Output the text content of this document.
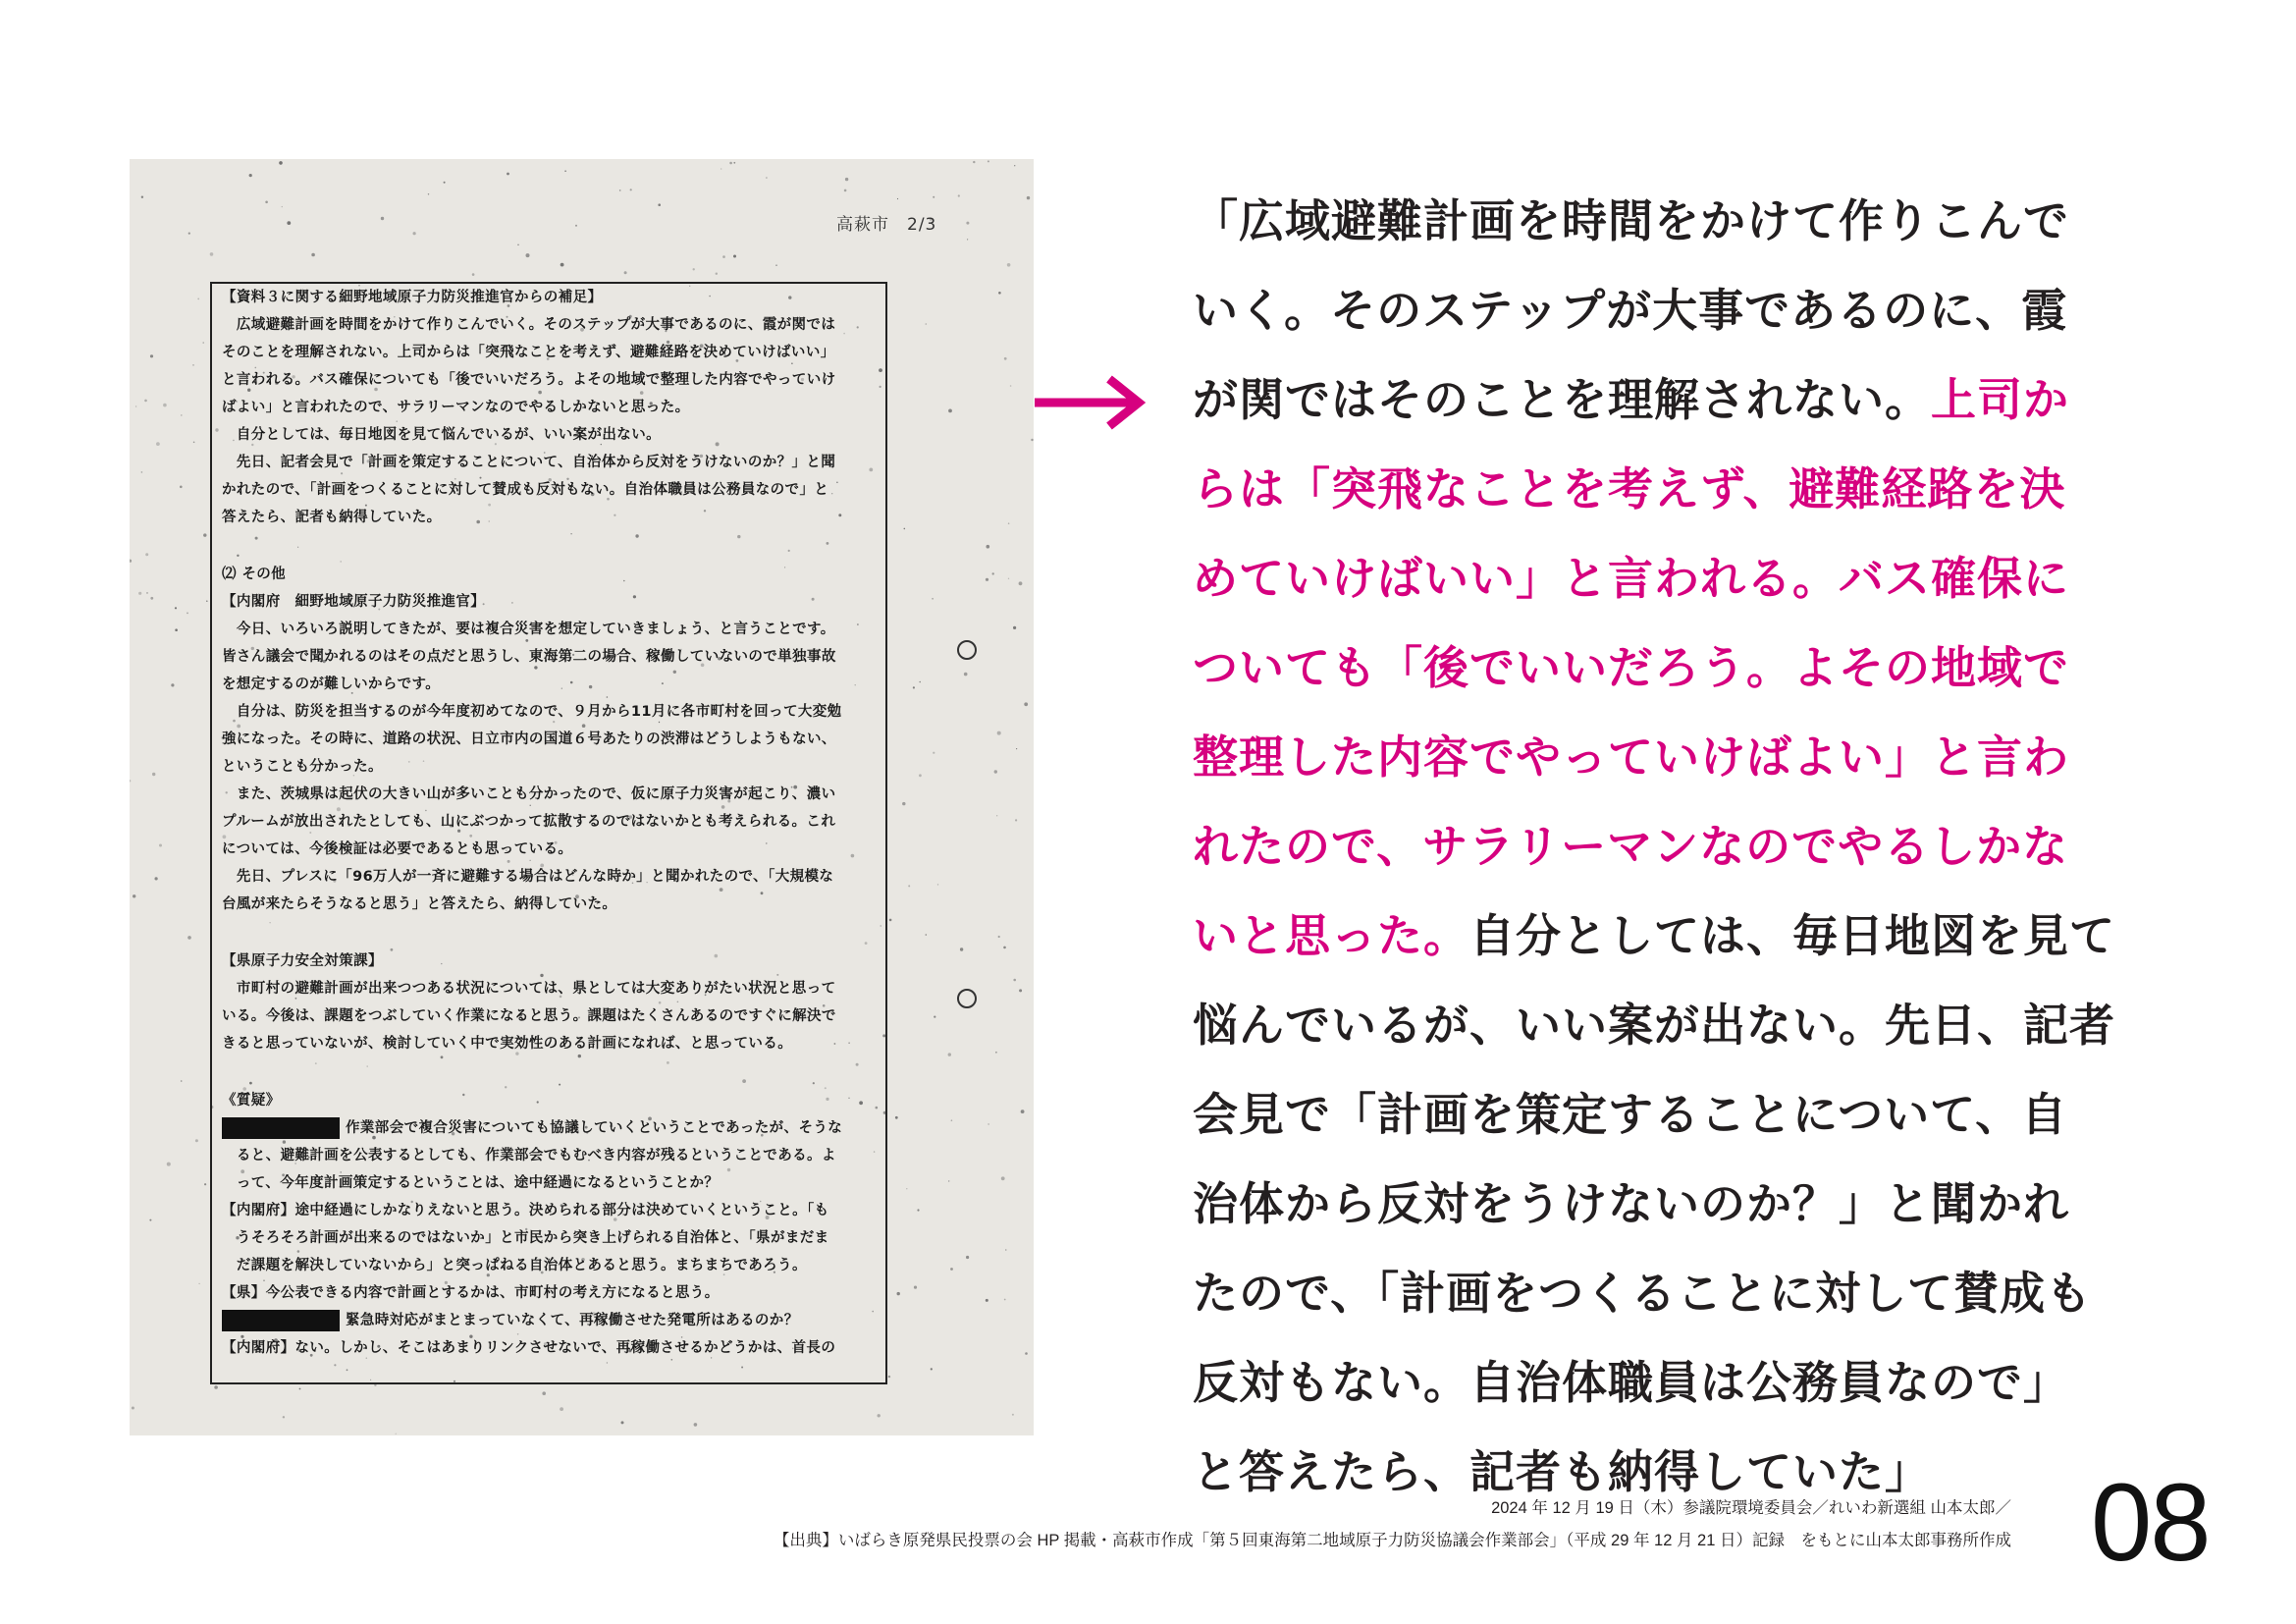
高萩市　2/3

【資料３に関する細野地域原子力防災推進官からの補足】

　広域避難計画を時間をかけて作りこんでいく。そのステップが大事であるのに、霞が関では

そのことを理解されない。上司からは「突飛なことを考えず、避難経路を決めていけばいい」

と言われる。バス確保についても「後でいいだろう。よその地域で整理した内容でやっていけ

ばよい」と言われたので、サラリーマンなのでやるしかないと思った。

　自分としては、毎日地図を見て悩んでいるが、いい案が出ない。

　先日、記者会見で「計画を策定することについて、自治体から反対をうけないのか？」と聞

かれたので、「計画をつくることに対して賛成も反対もない。自治体職員は公務員なので」と

答えたら、記者も納得していた。

⑵ その他

【内閣府　細野地域原子力防災推進官】

　今日、いろいろ説明してきたが、要は複合災害を想定していきましょう、と言うことです。

皆さん議会で聞かれるのはその点だと思うし、東海第二の場合、稼働していないので単独事故

を想定するのが難しいからです。

　自分は、防災を担当するのが今年度初めてなので、９月から11月に各市町村を回って大変勉

強になった。その時に、道路の状況、日立市内の国道６号あたりの渋滞はどうしようもない、

ということも分かった。

　また、茨城県は起伏の大きい山が多いことも分かったので、仮に原子力災害が起こり、濃い

プルームが放出されたとしても、山にぶつかって拡散するのではないかとも考えられる。これ

については、今後検証は必要であるとも思っている。

　先日、プレスに「96万人が一斉に避難する場合はどんな時か」と聞かれたので、「大規模な

台風が来たらそうなると思う」と答えたら、納得していた。

【県原子力安全対策課】

　市町村の避難計画が出来つつある状況については、県としては大変ありがたい状況と思って

いる。今後は、課題をつぶしていく作業になると思う。課題はたくさんあるのですぐに解決で

きると思っていないが、検討していく中で実効性のある計画になれば、と思っている。

《質疑》

作業部会で複合災害についても協議していくということであったが、そうな

　ると、避難計画を公表するとしても、作業部会でもむべき内容が残るということである。よ

　って、今年度計画策定するということは、途中経過になるということか？

【内閣府】途中経過にしかなりえないと思う。決められる部分は決めていくということ。「も

　うそろそろ計画が出来るのではないか」と市民から突き上げられる自治体と、「県がまだま

　だ課題を解決していないから」と突っぱねる自治体とあると思う。まちまちであろう。

【県】今公表できる内容で計画とするかは、市町村の考え方になると思う。

緊急時対応がまとまっていなくて、再稼働させた発電所はあるのか？

【内閣府】ない。しかし、そこはあまりリンクさせないで、再稼働させるかどうかは、首長の

「広域避難計画を時間をかけて作りこんで
いく。そのステップが大事であるのに、霞
が関ではそのことを理解されない。上司か
らは「突飛なことを考えず、避難経路を決
めていけばいい」と言われる。バス確保に
ついても「後でいいだろう。よその地域で
整理した内容でやっていけばよい」と言わ
れたので、サラリーマンなのでやるしかな
いと思った。自分としては、毎日地図を見て
悩んでいるが、いい案が出ない。先日、記者
会見で「計画を策定することについて、自
治体から反対をうけないのか？」と聞かれ
たので、「計画をつくることに対して賛成も
反対もない。自治体職員は公務員なので」
と答えたら、記者も納得していた」
2024 年 12 月 19 日（木）参議院環境委員会／れいわ新選組 山本太郎／
【出典】いばらき原発県民投票の会 HP 掲載・高萩市作成「第５回東海第二地域原子力防災協議会作業部会」（平成 29 年 12 月 21 日）記録　をもとに山本太郎事務所作成 08
